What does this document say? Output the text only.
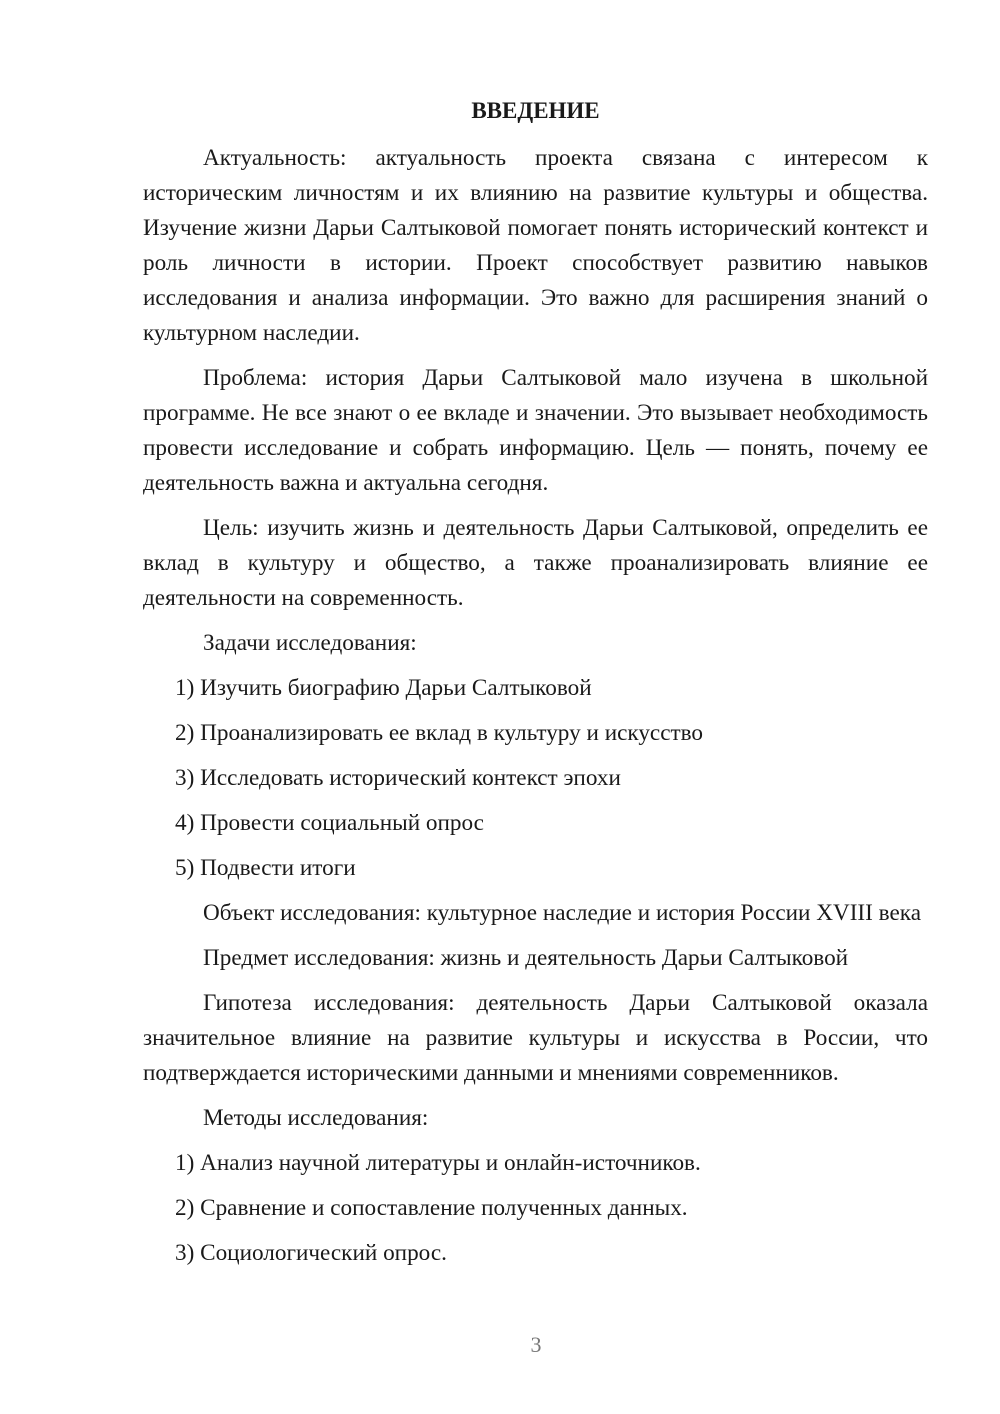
ВВЕДЕНИЕ

Актуальность: актуальность проекта связана с интересом к историческим личностям и их влиянию на развитие культуры и общества. Изучение жизни Дарьи Салтыковой помогает понять исторический контекст и роль личности в истории. Проект способствует развитию навыков исследования и анализа информации. Это важно для расширения знаний о культурном наследии.

Проблема: история Дарьи Салтыковой мало изучена в школьной программе. Не все знают о ее вкладе и значении. Это вызывает необходимость провести исследование и собрать информацию. Цель — понять, почему ее деятельность важна и актуальна сегодня.

Цель: изучить жизнь и деятельность Дарьи Салтыковой, определить ее вклад в культуру и общество, а также проанализировать влияние ее деятельности на современность.

Задачи исследования:
1) Изучить биографию Дарьи Салтыковой
2) Проанализировать ее вклад в культуру и искусство
3) Исследовать исторический контекст эпохи
4) Провести социальный опрос
5) Подвести итоги

Объект исследования: культурное наследие и история России XVIII века

Предмет исследования: жизнь и деятельность Дарьи Салтыковой

Гипотеза исследования: деятельность Дарьи Салтыковой оказала значительное влияние на развитие культуры и искусства в России, что подтверждается историческими данными и мнениями современников.

Методы исследования:
1) Анализ научной литературы и онлайн-источников.
2) Сравнение и сопоставление полученных данных.
3) Социологический опрос.
3
